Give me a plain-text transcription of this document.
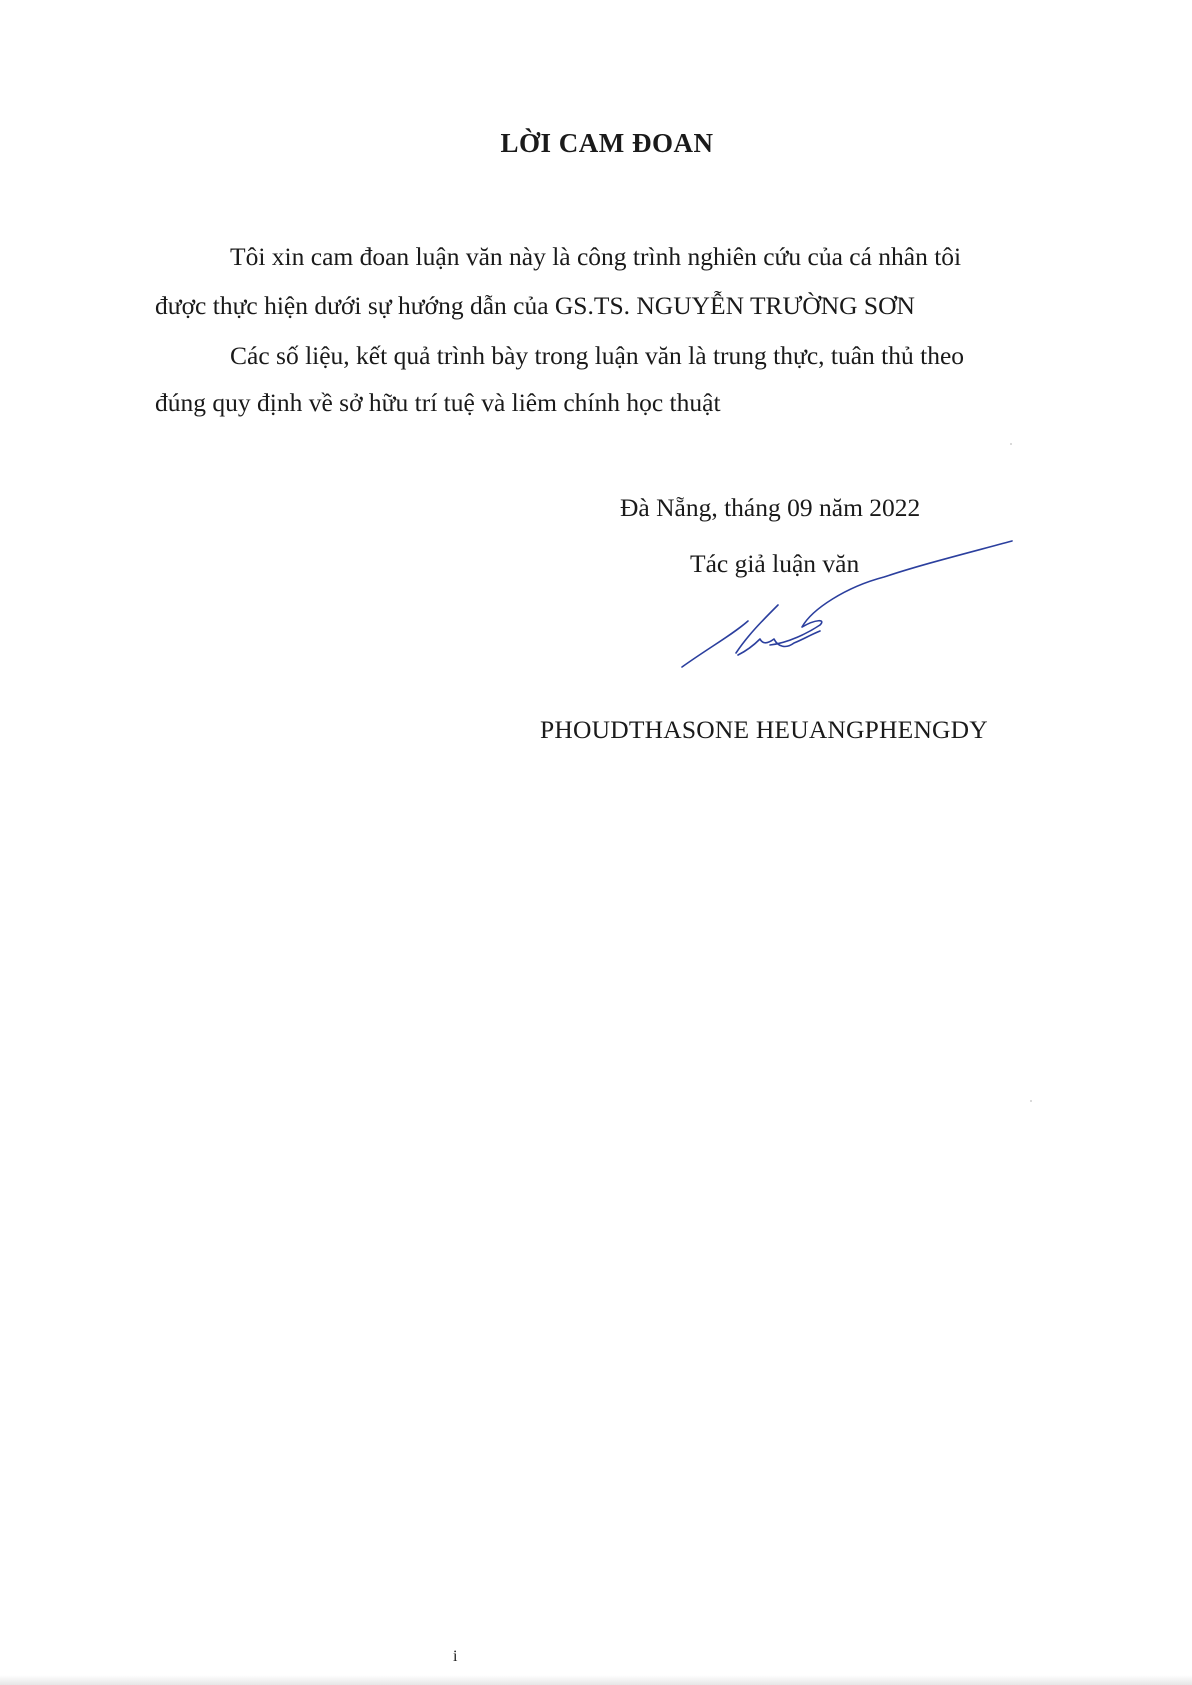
LỜI CAM ĐOAN
Tôi xin cam đoan luận văn này là công trình nghiên cứu của cá nhân tôi
được thực hiện dưới sự hướng dẫn của GS.TS. NGUYỄN TRƯỜNG SƠN
Các số liệu, kết quả trình bày trong luận văn là trung thực, tuân thủ theo
đúng quy định về sở hữu trí tuệ và liêm chính học thuật
Đà Nẵng, tháng 09 năm 2022
Tác giả luận văn
PHOUDTHASONE HEUANGPHENGDY
i
